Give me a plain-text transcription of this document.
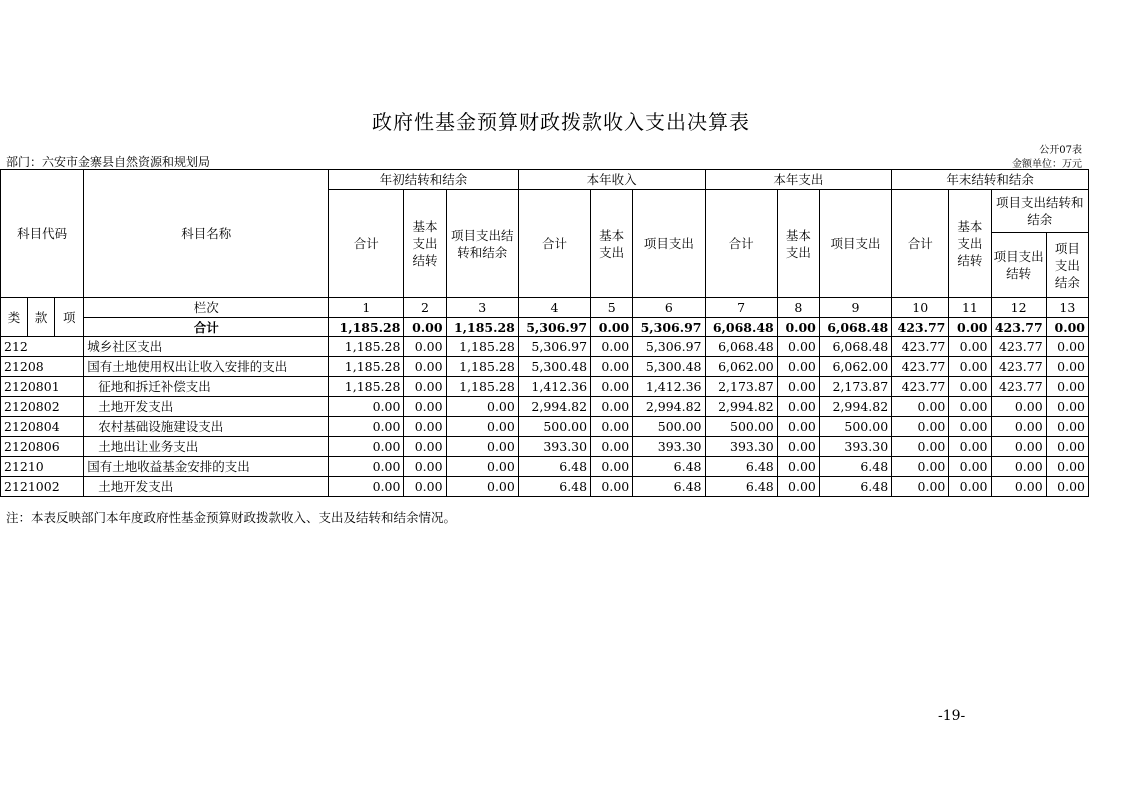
政府性基金预算财政拨款收入支出决算表
公开07表
金额单位：万元
部门：六安市金寨县自然资源和规划局
科目代码			科目名称	年初结转和结余			本年收入			本年支出			年末结转和结余			
				合计	基本支出结转	项目支出结转和结余	合计	基本支出	项目支出	合计	基本支出	项目支出	合计	基本支出结转	项目支出结转和结余	
															项目支出结转	项目支出结余
类	款	项	栏次	1	2	3	4	5	6	7	8	9	10	11	12	13
			合计	1,185.28	0.00	1,185.28	5,306.97	0.00	5,306.97	6,068.48	0.00	6,068.48	423.77	0.00	423.77	0.00
212			城乡社区支出	1,185.28	0.00	1,185.28	5,306.97	0.00	5,306.97	6,068.48	0.00	6,068.48	423.77	0.00	423.77	0.00
21208			国有土地使用权出让收入安排的支出	1,185.28	0.00	1,185.28	5,300.48	0.00	5,300.48	6,062.00	0.00	6,062.00	423.77	0.00	423.77	0.00
2120801			征地和拆迁补偿支出	1,185.28	0.00	1,185.28	1,412.36	0.00	1,412.36	2,173.87	0.00	2,173.87	423.77	0.00	423.77	0.00
2120802			土地开发支出	0.00	0.00	0.00	2,994.82	0.00	2,994.82	2,994.82	0.00	2,994.82	0.00	0.00	0.00	0.00
2120804			农村基础设施建设支出	0.00	0.00	0.00	500.00	0.00	500.00	500.00	0.00	500.00	0.00	0.00	0.00	0.00
2120806			土地出让业务支出	0.00	0.00	0.00	393.30	0.00	393.30	393.30	0.00	393.30	0.00	0.00	0.00	0.00
21210			国有土地收益基金安排的支出	0.00	0.00	0.00	6.48	0.00	6.48	6.48	0.00	6.48	0.00	0.00	0.00	0.00
2121002			土地开发支出	0.00	0.00	0.00	6.48	0.00	6.48	6.48	0.00	6.48	0.00	0.00	0.00	0.00
注：本表反映部门本年度政府性基金预算财政拨款收入、支出及结转和结余情况。
-19-
